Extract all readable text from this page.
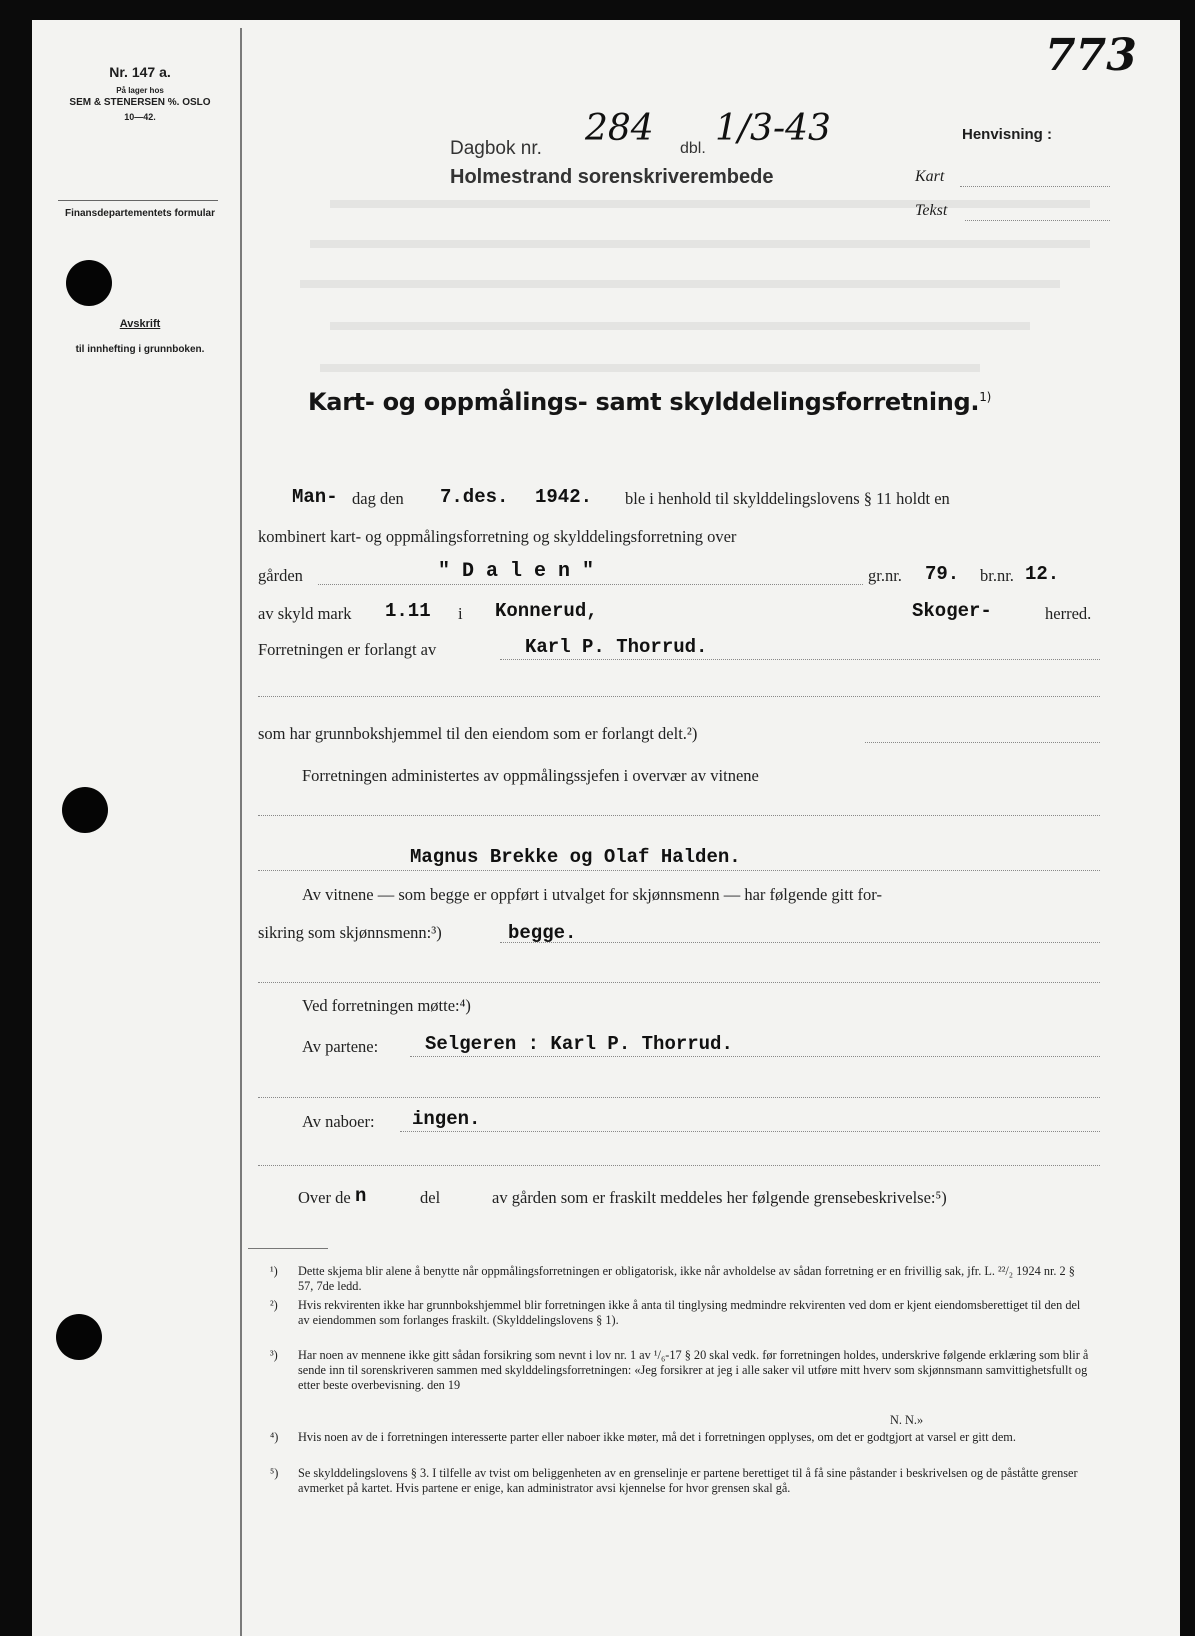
773
Nr. 147 a.
På lager hos
SEM & STENERSEN %. OSLO
10—42.
Finansdepartementets formular
Avskrift
til innhefting i grunnboken.
Dagbok nr. 284 dbl. 1/3-43
Holmestrand sorenskriverembede
Henvisning :
Kart
Tekst
Kart- og oppmålings- samt skylddelingsforretning.$^{1)}$
Man- dag den 7.des. 1942. ble i henhold til skylddelingslovens § 11 holdt en
kombinert kart- og oppmålingsforretning og skylddelingsforretning over
gården	" D a l e n "	gr.nr. 79. br.nr. 12.
av skyld mark 1.11 i Konnerud,	Skoger-	herred.
Forretningen er forlangt av	Karl P. Thorrud.
som har grunnbokshjemmel til den eiendom som er forlangt delt.²)
Forretningen administertes av oppmålingssjefen i overvær av vitnene
Magnus Brekke og Olaf Halden.
Av vitnene — som begge er oppført i utvalget for skjønnsmenn — har følgende gitt for-
sikring som skjønnsmenn:³)	begge.
Ved forretningen møtte:⁴)
Av partene: Selgeren : Karl P. Thorrud.
Av naboer: ingen.
Over de n	del	av gården som er fraskilt meddeles her følgende grensebeskrivelse:⁵)
¹) Dette skjema blir alene å benytte når oppmålingsforretningen er obligatorisk, ikke når avholdelse av sådan forretning er en frivillig sak, jfr. L. ²²/₂ 1924 nr. 2 § 57, 7de ledd.
²) Hvis rekvirenten ikke har grunnbokshjemmel blir forretningen ikke å anta til tinglysing medmindre rekvirenten ved dom er kjent eiendomsberettiget til den del av eiendommen som forlanges fraskilt. (Skylddelingslovens § 1).
³) Har noen av mennene ikke gitt sådan forsikring som nevnt i lov nr. 1 av ¹/₆-17 § 20 skal vedk. før forretningen holdes, underskrive følgende erklæring som blir å sende inn til sorenskriveren sammen med skylddelingsforretningen: «Jeg forsikrer at jeg i alle saker vil utføre mitt hverv som skjønnsmann samvittighetsfullt og etter beste overbevisning. den 19
N. N.»
⁴) Hvis noen av de i forretningen interesserte parter eller naboer ikke møter, må det i forretningen opplyses, om det er godtgjort at varsel er gitt dem.
⁵) Se skylddelingslovens § 3. I tilfelle av tvist om beliggenheten av en grenselinje er partene berettiget til å få sine påstander i beskrivelsen og de påståtte grenser avmerket på kartet. Hvis partene er enige, kan administrator avsi kjennelse for hvor grensen skal gå.
